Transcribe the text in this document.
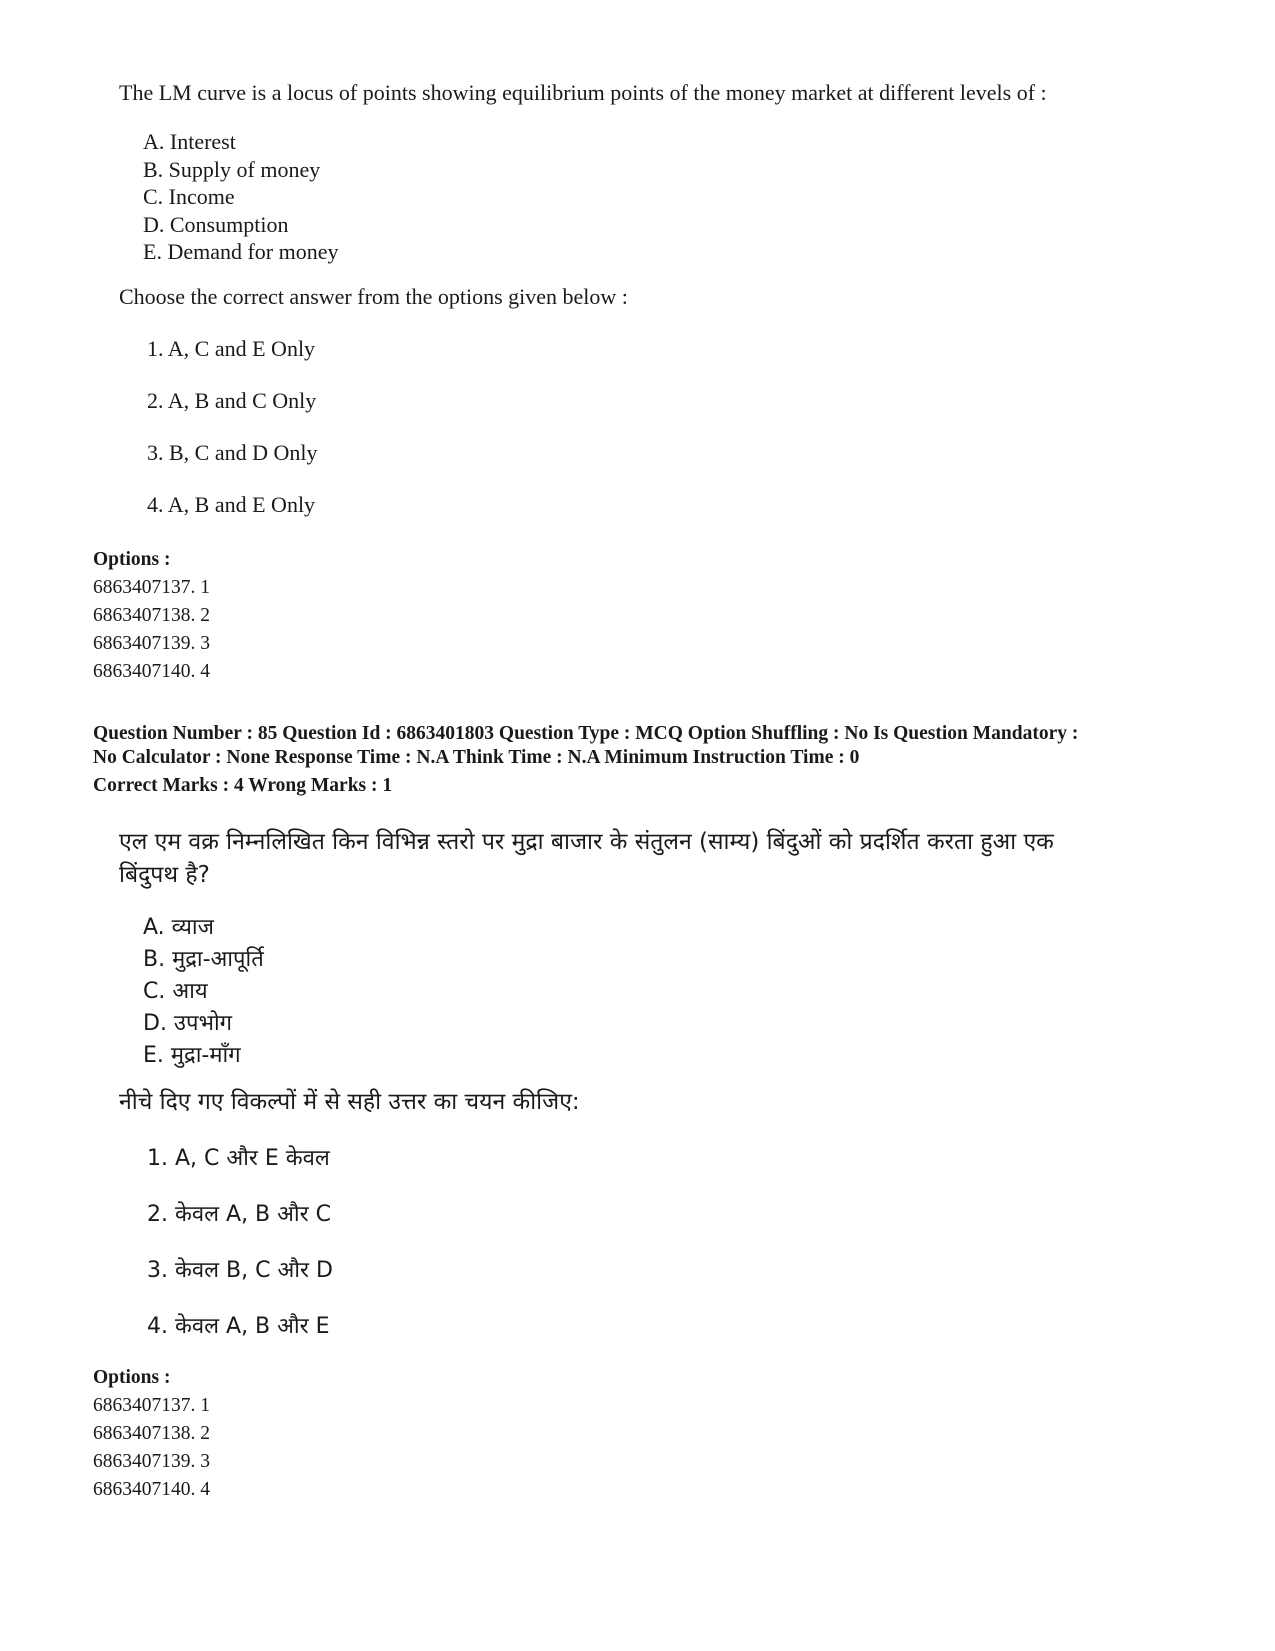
The LM curve is a locus of points showing equilibrium points of the money market at different levels of :
A. Interest
B. Supply of money
C. Income
D. Consumption
E. Demand for money
Choose the correct answer from the options given below :
1. A, C and E Only
2. A, B and C Only
3. B, C and D Only
4. A, B and E Only
Options :
6863407137. 1
6863407138. 2
6863407139. 3
6863407140. 4
Question Number : 85 Question Id : 6863401803 Question Type : MCQ Option Shuffling : No Is Question Mandatory :
No Calculator : None Response Time : N.A Think Time : N.A Minimum Instruction Time : 0
Correct Marks : 4 Wrong Marks : 1
एल एम वक्र निम्नलिखित किन विभिन्न स्तरो पर मुद्रा बाजार के संतुलन (साम्य) बिंदुओं को प्रदर्शित करता हुआ एक
बिंदुपथ है?
A. व्याज
B. मुद्रा-आपूर्ति
C. आय
D. उपभोग
E. मुद्रा-माँग
नीचे दिए गए विकल्पों में से सही उत्तर का चयन कीजिए:
1. A, C और E केवल
2. केवल A, B और C
3. केवल B, C और D
4. केवल A, B और E
Options :
6863407137. 1
6863407138. 2
6863407139. 3
6863407140. 4
